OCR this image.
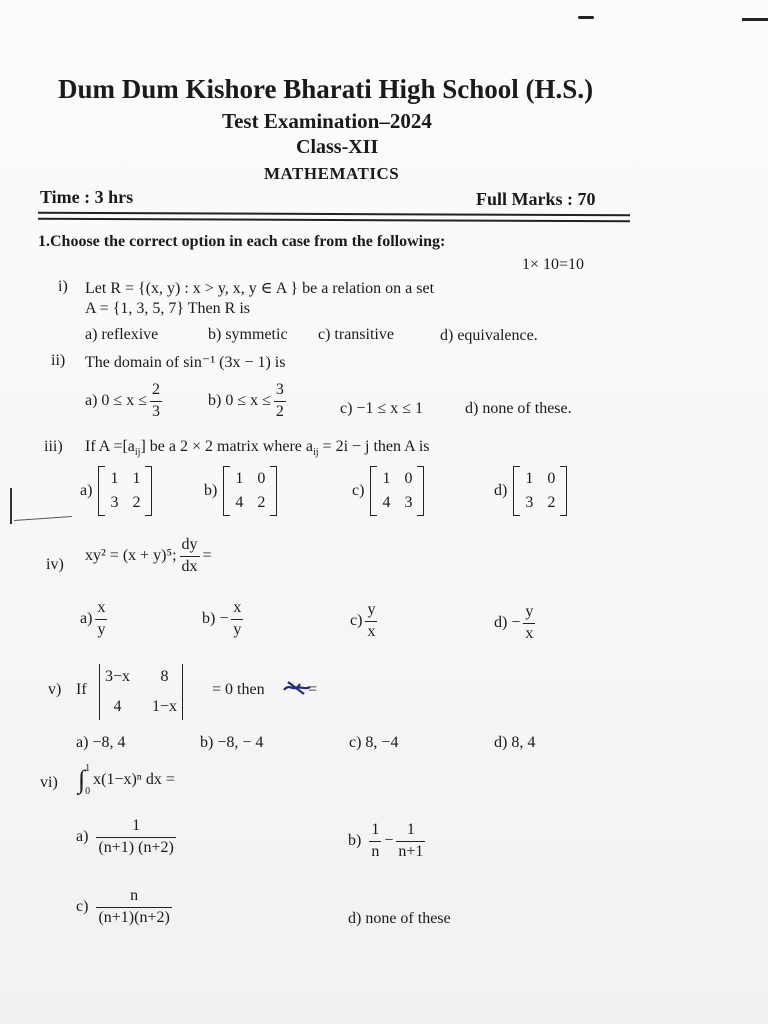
Dum Dum Kishore Bharati High School (H.S.)
Test Examination–2024
Class-XII
MATHEMATICS
Time : 3 hrs	Full Marks : 70
1.Choose the correct option in each case from the following:
1× 10=10
i) Let R = {(x, y) : x > y, x, y ∈ A } be a relation on a set
A = {1, 3, 5, 7} Then R is
a) reflexive	b) symmetic c) transitive	d) equivalence.
ii) The domain of sin⁻¹ (3x − 1) is
a) $0 \le x \le \frac{2}{3}$	b) $0 \le x \le \frac{3}{2}$	c) −1 ≤ x ≤ 1	d) none of these.
iii) If $A =[a_{ij}]$ be a 2 × 2 matrix where $a_{ij} = 2i - j$ then A is
a)
1 1
3 2
b)
1 0
4 2
c)
1 0
4 3
d)
1 0
3 2
iv)
xy² = (x + y)⁵; $\frac{dy}{dx}$ =
$a) \frac{x}{y}$	$b) - \frac{x}{y}$	$c) \frac{y}{x}$	$d) - \frac{y}{x}$
v) If
3−x	8
4	1−x
= 0 then	=
a) −8, 4	b) −8, − 4	c) 8, −4	d) 8, 4
vi) ∫ 1
0
x(1−x)ⁿ dx =
$a) \frac{1}{(n+1) (n+2)}$	$b) \frac{1}{n} - \frac{1}{n+1}$
$c) \frac{n}{(n+1)(n+2)}$	d) none of these
